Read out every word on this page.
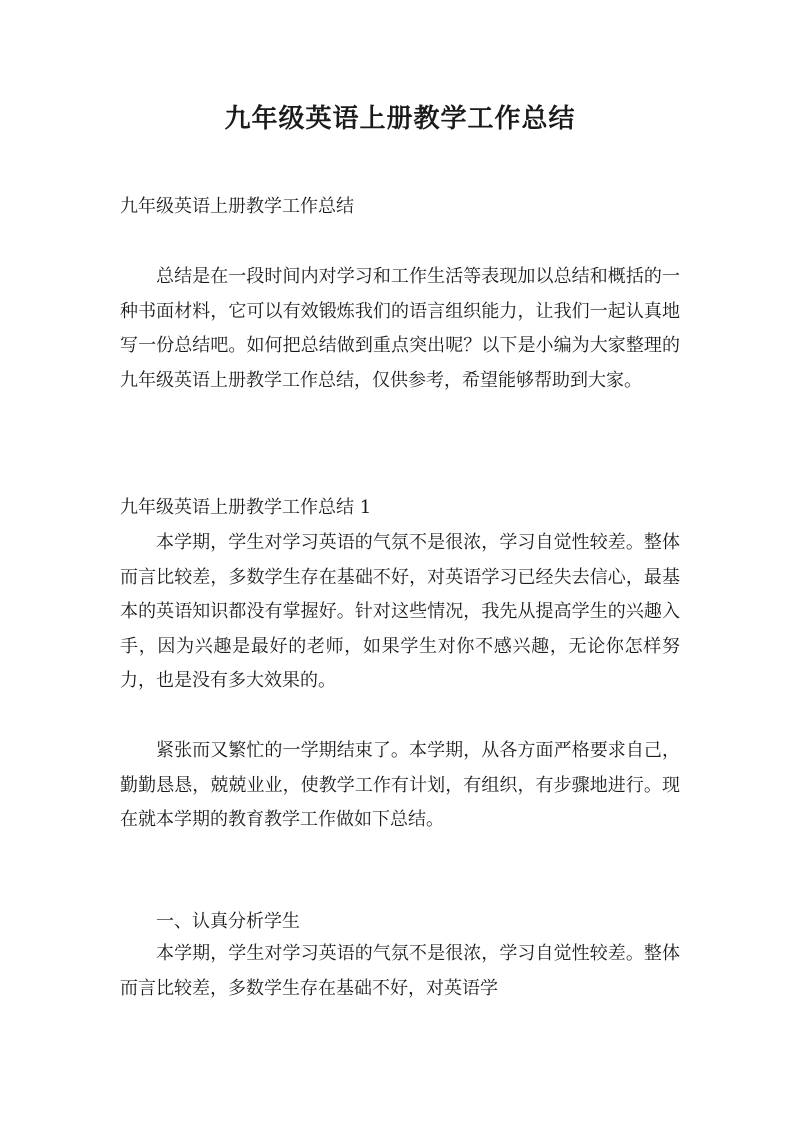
九年级英语上册教学工作总结
九年级英语上册教学工作总结

总结是在一段时间内对学习和工作生活等表现加以总结和概括的一种书面材料，它可以有效锻炼我们的语言组织能力，让我们一起认真地写一份总结吧。如何把总结做到重点突出呢？以下是小编为大家整理的九年级英语上册教学工作总结，仅供参考，希望能够帮助到大家。

九年级英语上册教学工作总结 1

本学期，学生对学习英语的气氛不是很浓，学习自觉性较差。整体而言比较差，多数学生存在基础不好，对英语学习已经失去信心，最基本的英语知识都没有掌握好。针对这些情况，我先从提高学生的兴趣入手，因为兴趣是最好的老师，如果学生对你不感兴趣，无论你怎样努力，也是没有多大效果的。

紧张而又繁忙的一学期结束了。本学期，从各方面严格要求自己，勤勤恳恳，兢兢业业，使教学工作有计划，有组织，有步骤地进行。现在就本学期的教育教学工作做如下总结。

一、认真分析学生

本学期，学生对学习英语的气氛不是很浓，学习自觉性较差。整体而言比较差，多数学生存在基础不好，对英语学
